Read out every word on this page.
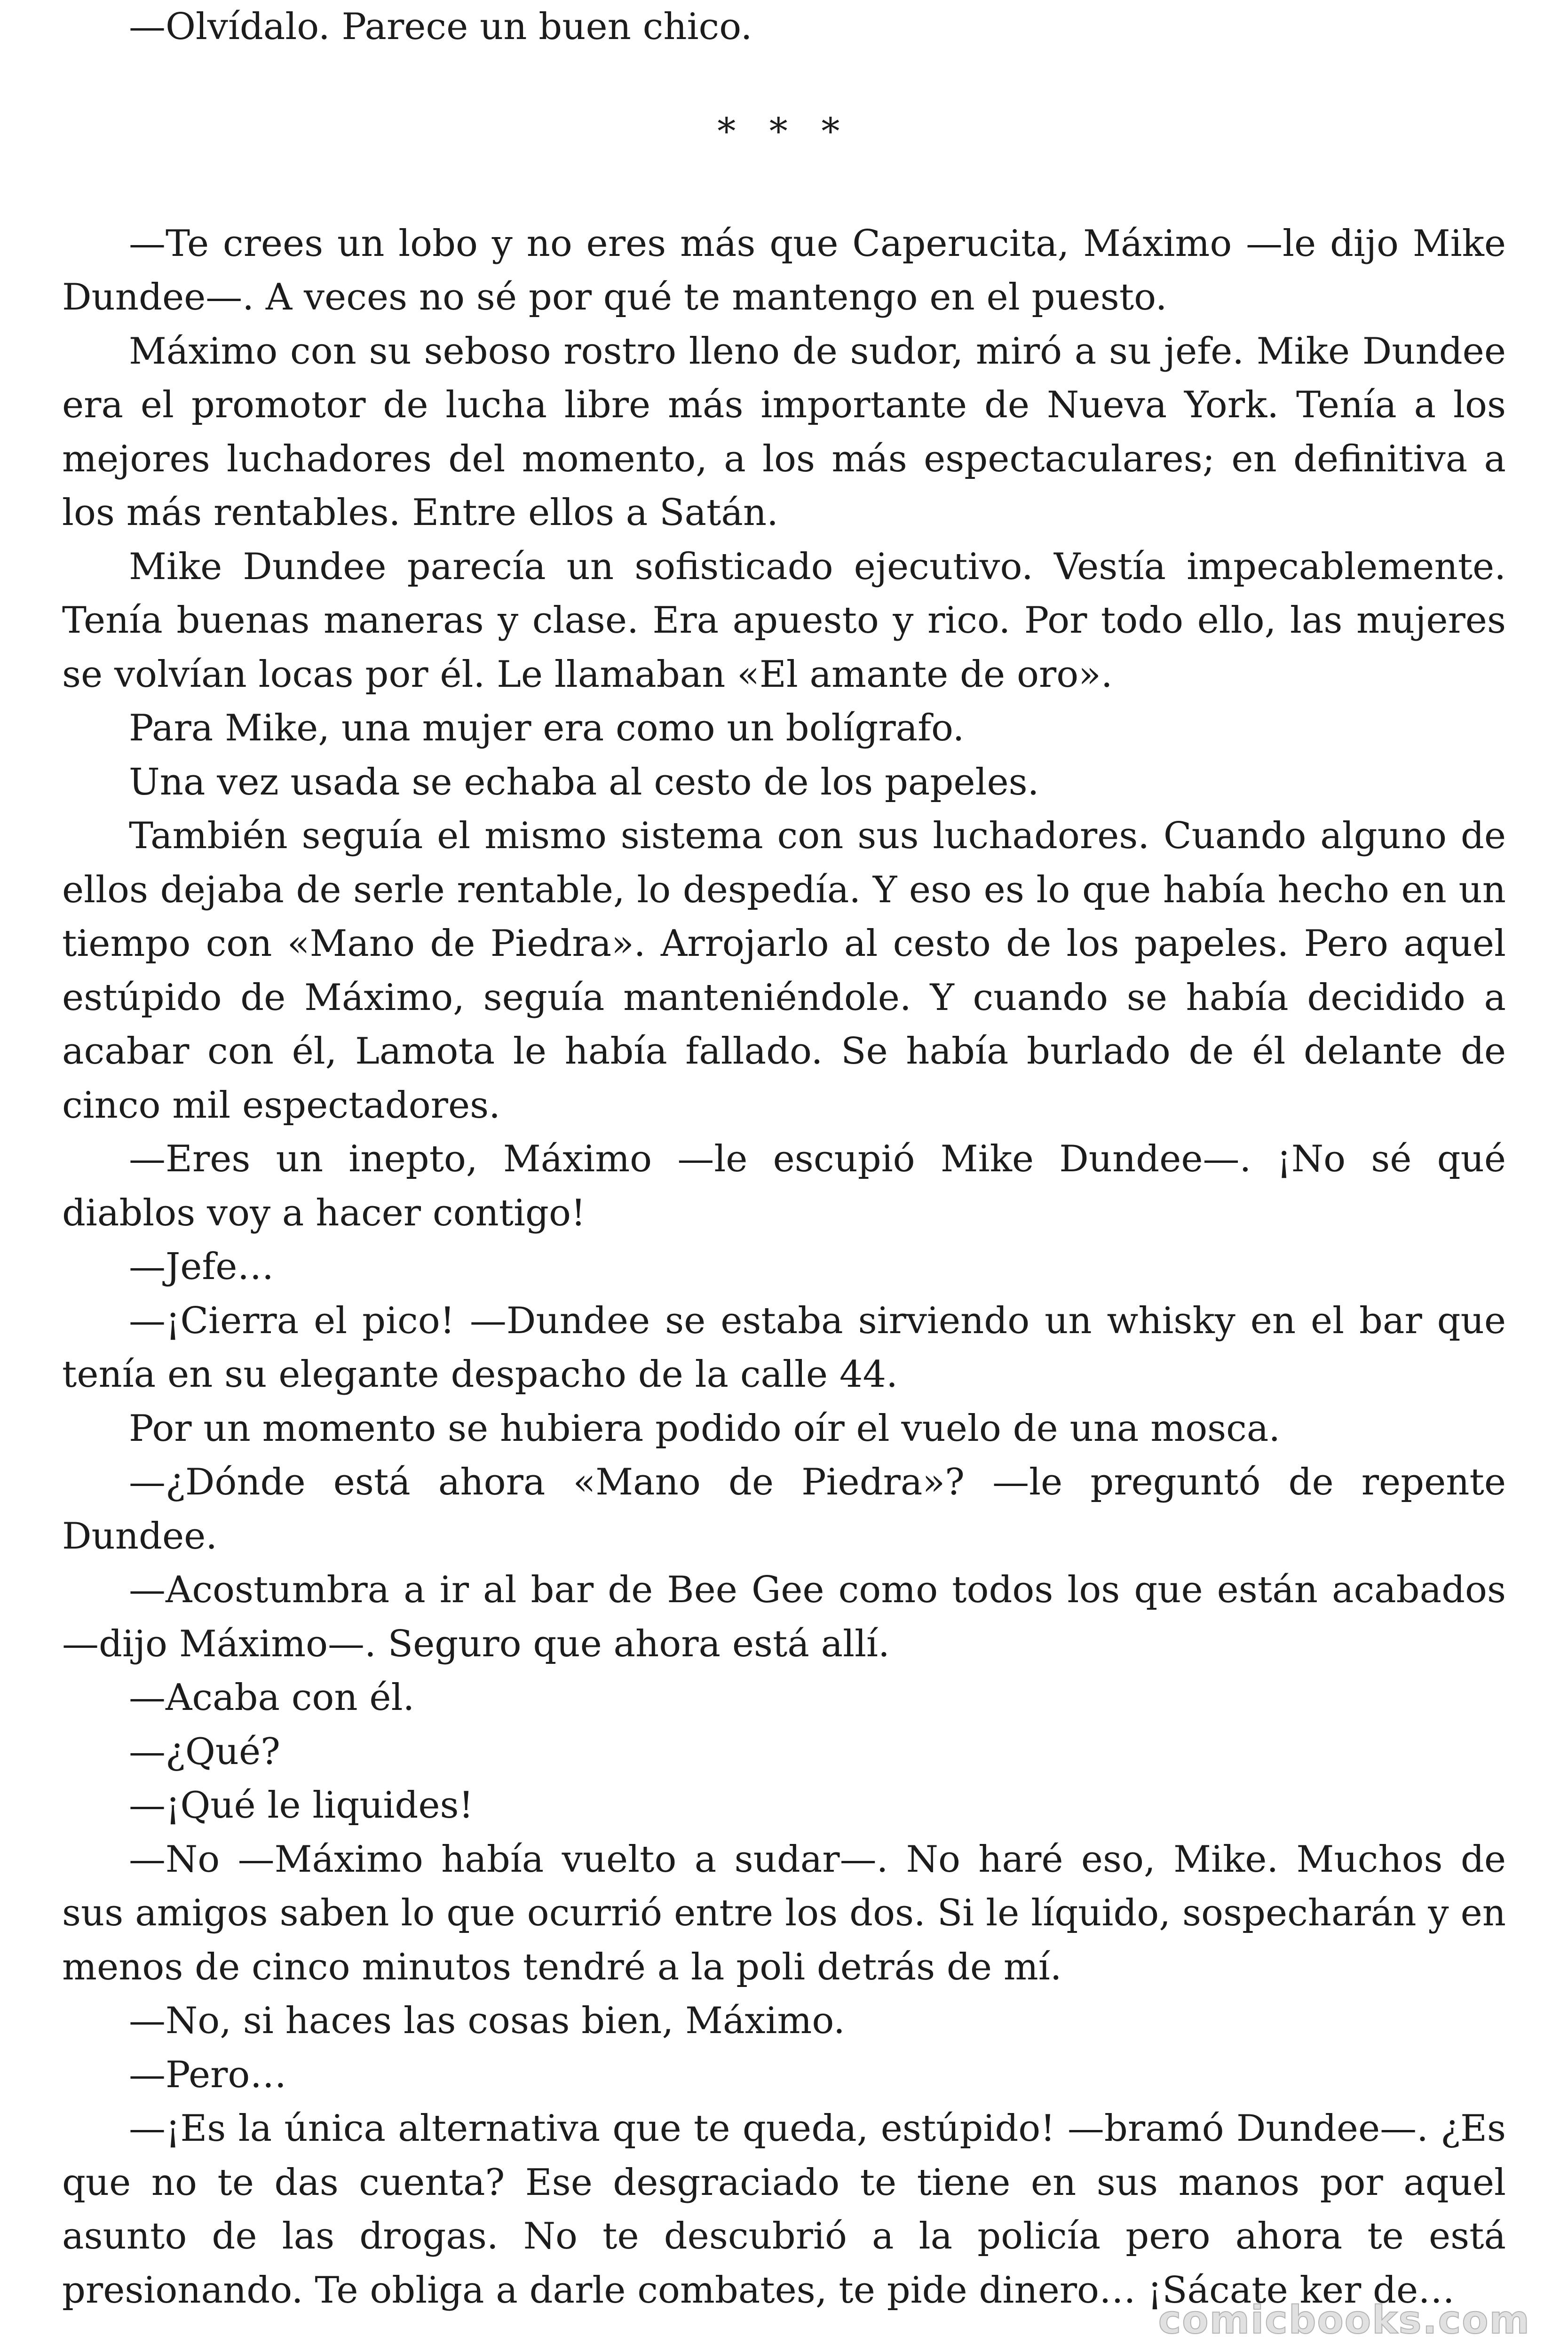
—Olvídalo. Parece un buen chico.

* * *

—Te crees un lobo y no eres más que Caperucita, Máximo —le dijo Mike Dundee—. A veces no sé por qué te mantengo en el puesto.

Máximo con su seboso rostro lleno de sudor, miró a su jefe. Mike Dundee era el promotor de lucha libre más importante de Nueva York. Tenía a los mejores luchadores del momento, a los más espectaculares; en definitiva a los más rentables. Entre ellos a Satán.

Mike Dundee parecía un sofisticado ejecutivo. Vestía impecablemente. Tenía buenas maneras y clase. Era apuesto y rico. Por todo ello, las mujeres se volvían locas por él. Le llamaban «El amante de oro».

Para Mike, una mujer era como un bolígrafo.

Una vez usada se echaba al cesto de los papeles.

También seguía el mismo sistema con sus luchadores. Cuando alguno de ellos dejaba de serle rentable, lo despedía. Y eso es lo que había hecho en un tiempo con «Mano de Piedra». Arrojarlo al cesto de los papeles. Pero aquel estúpido de Máximo, seguía manteniéndole. Y cuando se había decidido a acabar con él, Lamota le había fallado. Se había burlado de él delante de cinco mil espectadores.

—Eres un inepto, Máximo —le escupió Mike Dundee—. ¡No sé qué diablos voy a hacer contigo!

—Jefe…

—¡Cierra el pico! —Dundee se estaba sirviendo un whisky en el bar que tenía en su elegante despacho de la calle 44.

Por un momento se hubiera podido oír el vuelo de una mosca.

—¿Dónde está ahora «Mano de Piedra»? —le preguntó de repente Dundee.

—Acostumbra a ir al bar de Bee Gee como todos los que están acabados —dijo Máximo—. Seguro que ahora está allí.

—Acaba con él.

—¿Qué?

—¡Qué le liquides!

—No —Máximo había vuelto a sudar—. No haré eso, Mike. Muchos de sus amigos saben lo que ocurrió entre los dos. Si le líquido, sospecharán y en menos de cinco minutos tendré a la poli detrás de mí.

—No, si haces las cosas bien, Máximo.

—Pero…

—¡Es la única alternativa que te queda, estúpido! —bramó Dundee—. ¿Es que no te das cuenta? Ese desgraciado te tiene en sus manos por aquel asunto de las drogas. No te descubrió a la policía pero ahora te está presionando. Te obliga a darle combates, te pide dinero… ¡Sácate ker de…

comicbooks.com
